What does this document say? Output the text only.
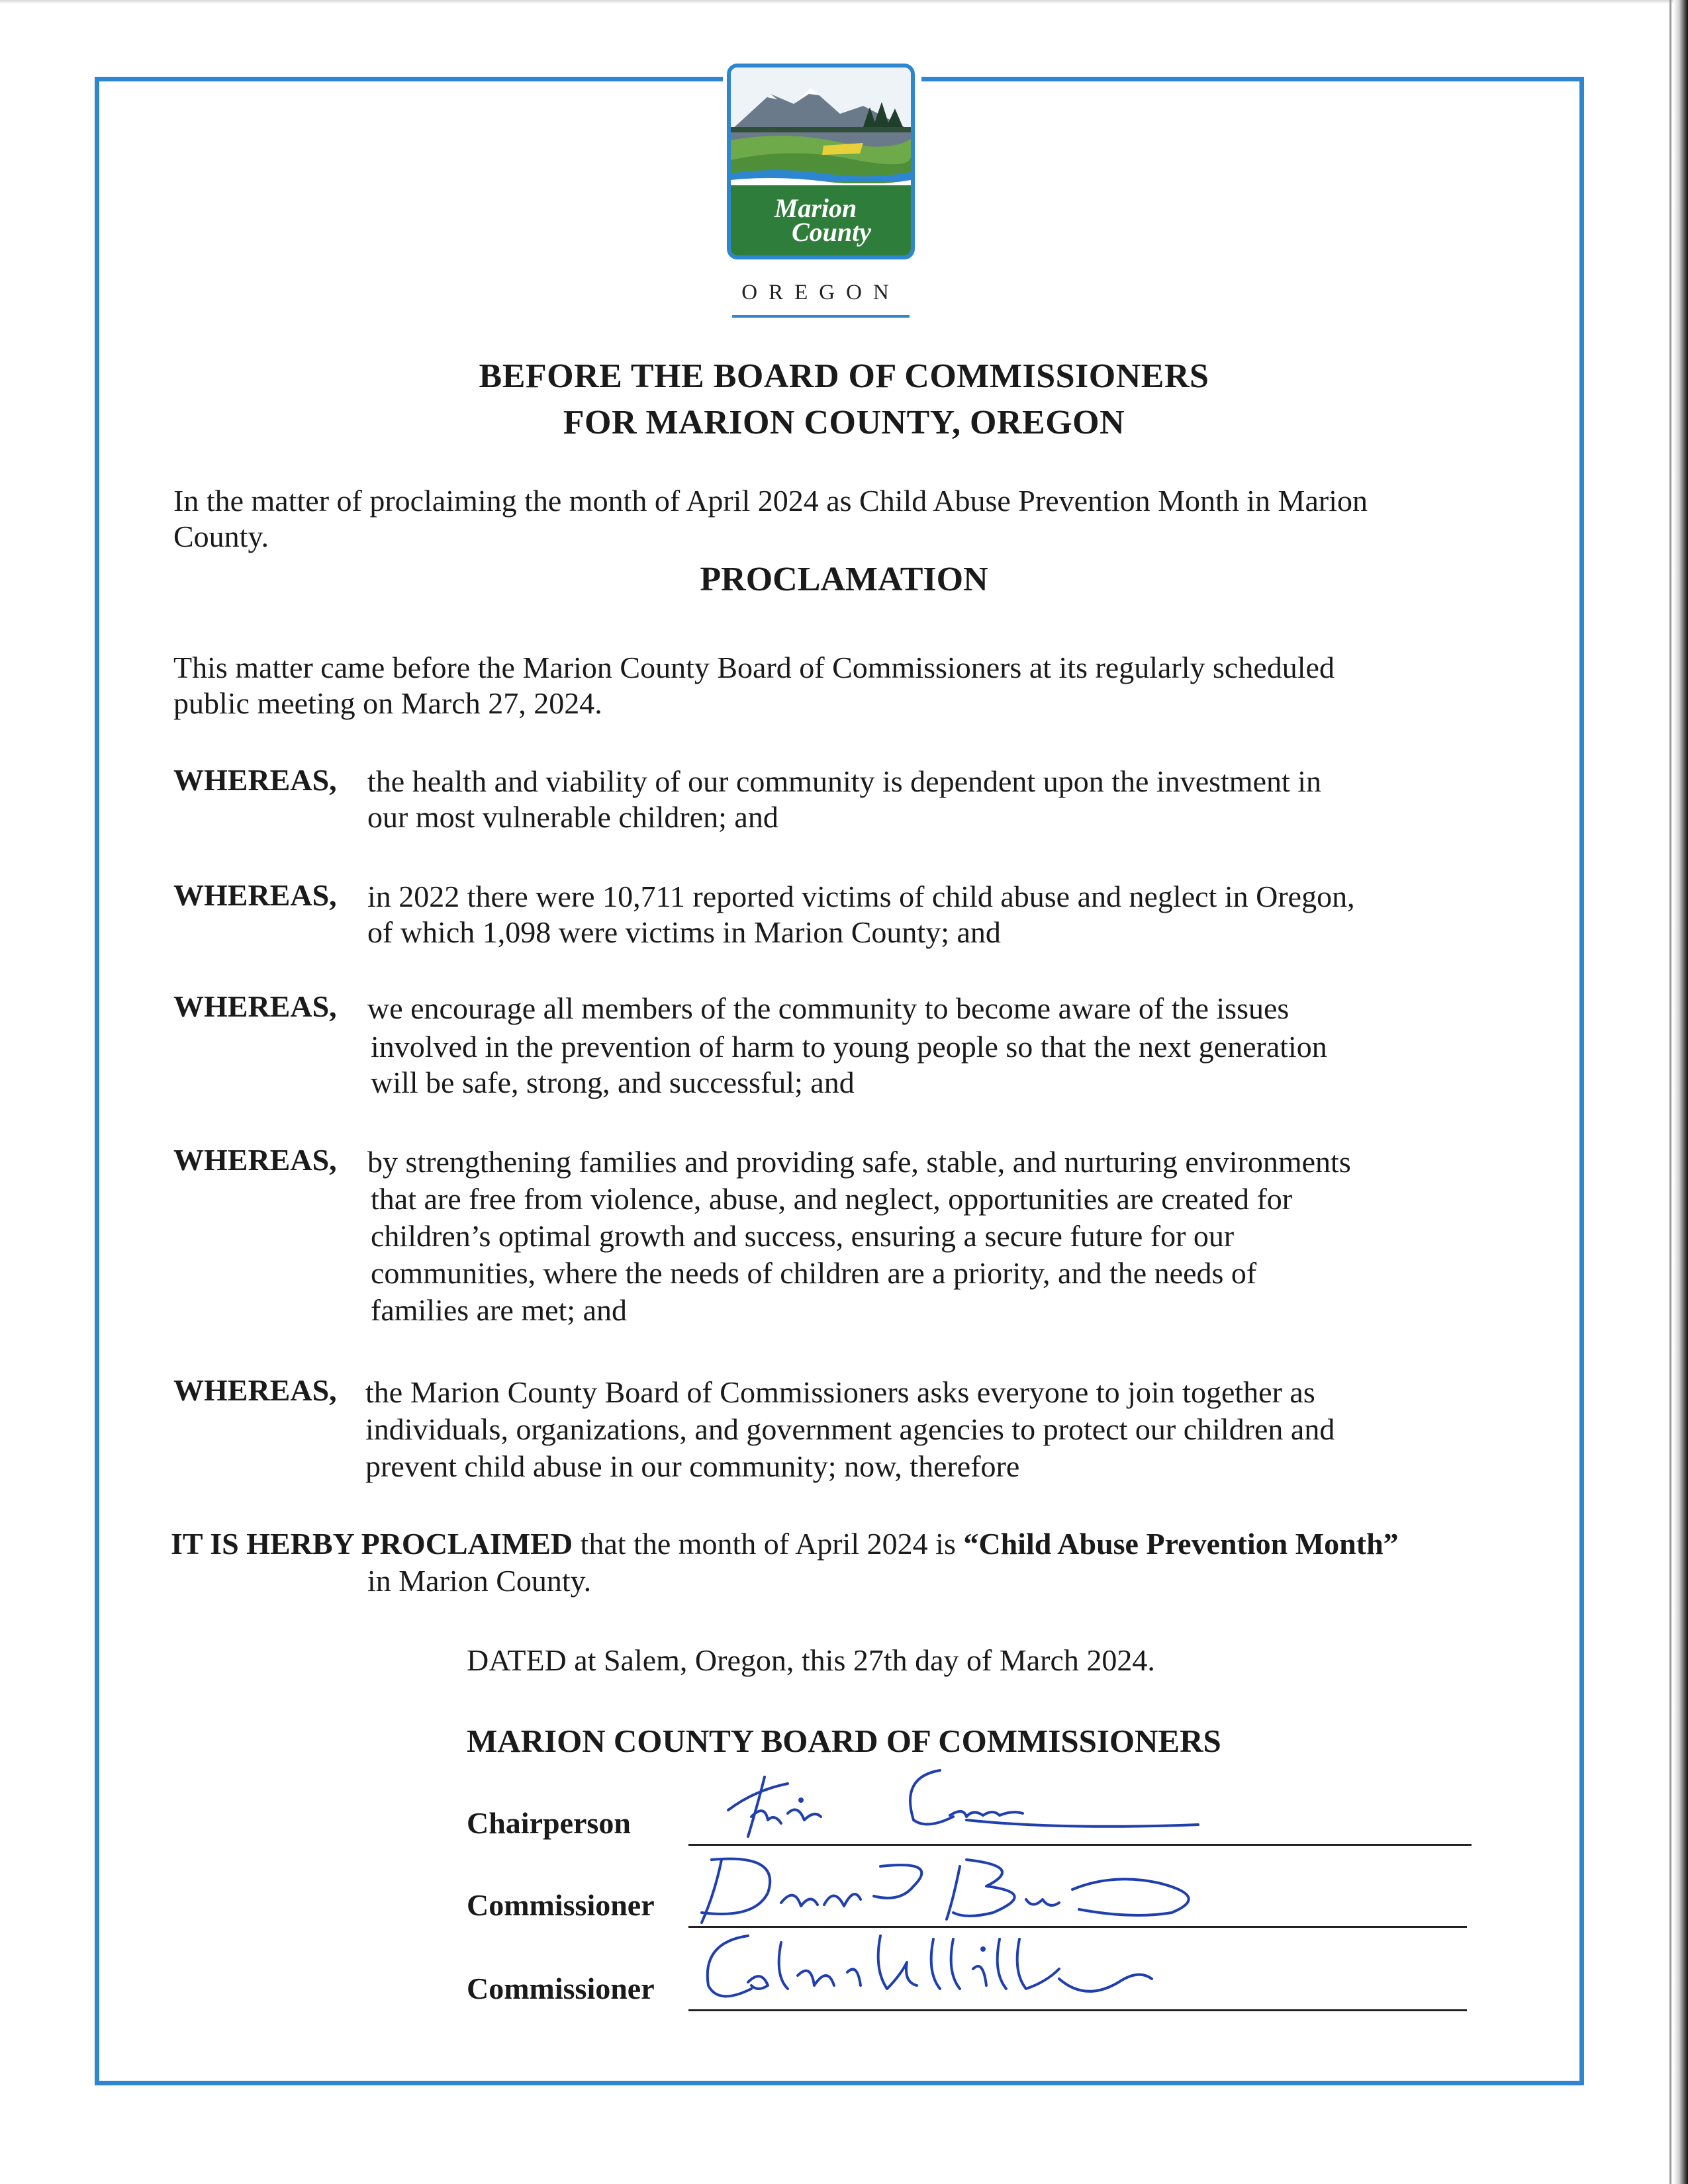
Marion
County
OREGON
BEFORE THE BOARD OF COMMISSIONERS
FOR MARION COUNTY, OREGON
In the matter of proclaiming the month of April 2024 as Child Abuse Prevention Month in Marion
County.
PROCLAMATION
This matter came before the Marion County Board of Commissioners at its regularly scheduled
public meeting on March 27, 2024.
WHEREAS, the health and viability of our community is dependent upon the investment in
our most vulnerable children; and
WHEREAS, in 2022 there were 10,711 reported victims of child abuse and neglect in Oregon,
of which 1,098 were victims in Marion County; and
WHEREAS, we encourage all members of the community to become aware of the issues
involved in the prevention of harm to young people so that the next generation
will be safe, strong, and successful; and
WHEREAS, by strengthening families and providing safe, stable, and nurturing environments
that are free from violence, abuse, and neglect, opportunities are created for
children’s optimal growth and success, ensuring a secure future for our
communities, where the needs of children are a priority, and the needs of
families are met; and
WHEREAS, the Marion County Board of Commissioners asks everyone to join together as
individuals, organizations, and government agencies to protect our children and
prevent child abuse in our community; now, therefore
IT IS HERBY PROCLAIMED that the month of April 2024 is “Child Abuse Prevention Month”
in Marion County.
DATED at Salem, Oregon, this 27th day of March 2024.
MARION COUNTY BOARD OF COMMISSIONERS
Chairperson
Commissioner
Commissioner
